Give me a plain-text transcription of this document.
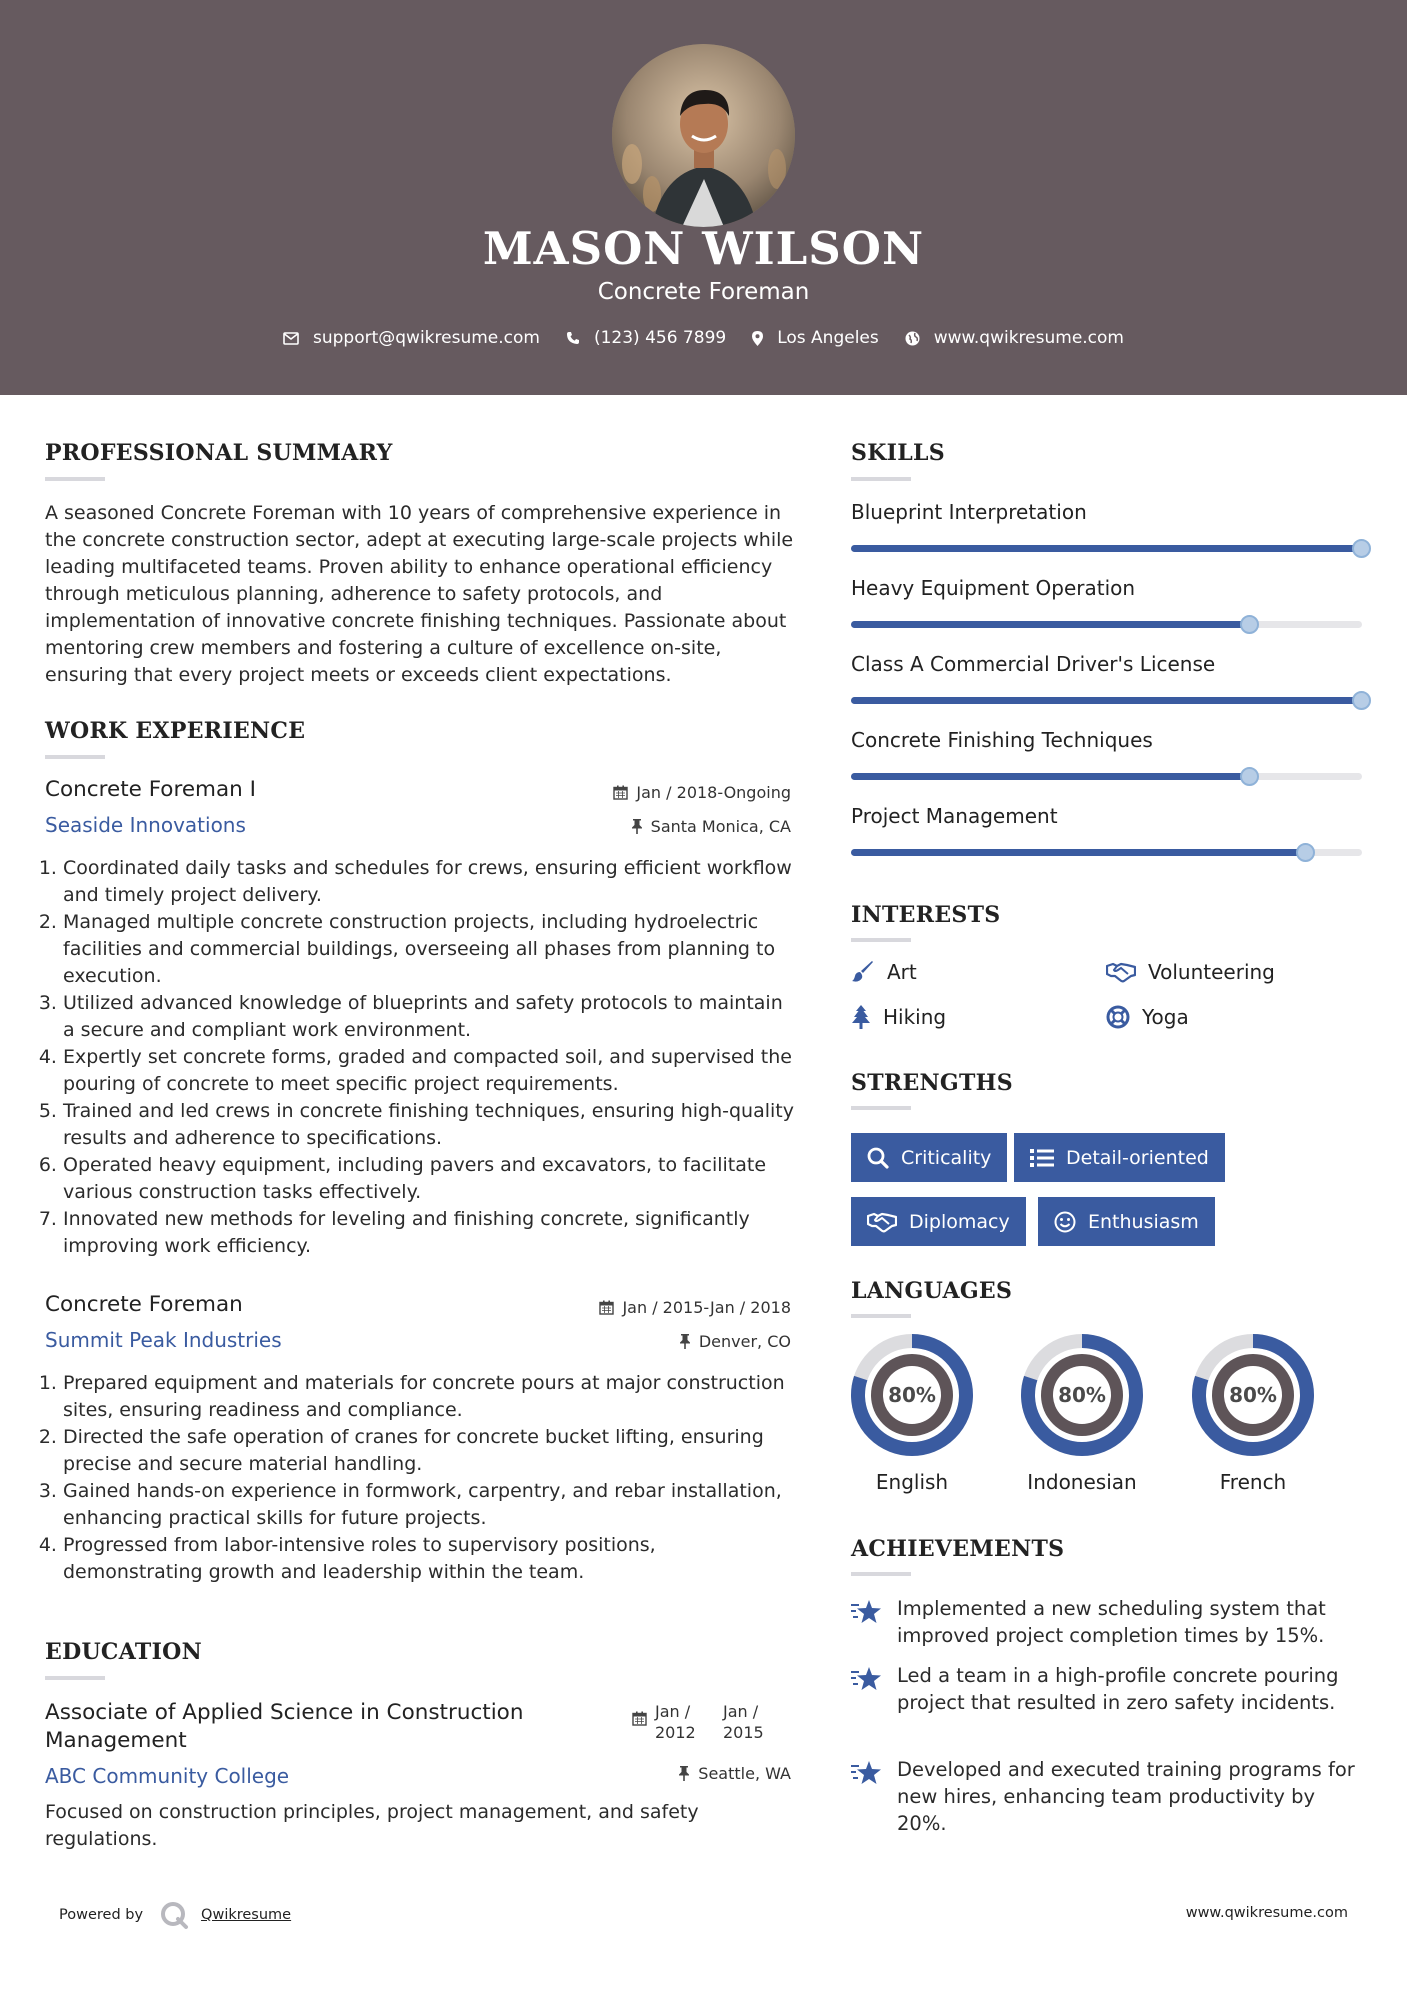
MASON WILSON
Concrete Foreman
support@qwikresume.com	(123) 456 7899	Los Angeles	www.qwikresume.com
PROFESSIONAL SUMMARY
A seasoned Concrete Foreman with 10 years of comprehensive experience in the concrete construction sector, adept at executing large-scale projects while leading multifaceted teams. Proven ability to enhance operational efficiency through meticulous planning, adherence to safety protocols, and implementation of innovative concrete finishing techniques. Passionate about mentoring crew members and fostering a culture of excellence on-site, ensuring that every project meets or exceeds client expectations.
WORK EXPERIENCE
Concrete Foreman I	Jan / 2018-Ongoing
Seaside Innovations	Santa Monica, CA
1. Coordinated daily tasks and schedules for crews, ensuring efficient workflow and timely project delivery.
2. Managed multiple concrete construction projects, including hydroelectric facilities and commercial buildings, overseeing all phases from planning to execution.
3. Utilized advanced knowledge of blueprints and safety protocols to maintain a secure and compliant work environment.
4. Expertly set concrete forms, graded and compacted soil, and supervised the pouring of concrete to meet specific project requirements.
5. Trained and led crews in concrete finishing techniques, ensuring high-quality results and adherence to specifications.
6. Operated heavy equipment, including pavers and excavators, to facilitate various construction tasks effectively.
7. Innovated new methods for leveling and finishing concrete, significantly improving work efficiency.
Concrete Foreman	Jan / 2015-Jan / 2018
Summit Peak Industries	Denver, CO
1. Prepared equipment and materials for concrete pours at major construction sites, ensuring readiness and compliance.
2. Directed the safe operation of cranes for concrete bucket lifting, ensuring precise and secure material handling.
3. Gained hands-on experience in formwork, carpentry, and rebar installation, enhancing practical skills for future projects.
4. Progressed from labor-intensive roles to supervisory positions, demonstrating growth and leadership within the team.
EDUCATION
Associate of Applied Science in Construction Management
Jan / 2012
Jan / 2015
ABC Community College	Seattle, WA
Focused on construction principles, project management, and safety regulations.
SKILLS
Blueprint Interpretation
Heavy Equipment Operation
Class A Commercial Driver's License
Concrete Finishing Techniques
Project Management
INTERESTS
Art	Volunteering
Hiking	Yoga
STRENGTHS
Criticality	Detail-oriented
Diplomacy	Enthusiasm
LANGUAGES
80%
English
80%
Indonesian
80%
French
ACHIEVEMENTS
Implemented a new scheduling system that improved project completion times by 15%.
Led a team in a high-profile concrete pouring project that resulted in zero safety incidents.
Developed and executed training programs for new hires, enhancing team productivity by 20%.
Powered by	Qwikresume	www.qwikresume.com
